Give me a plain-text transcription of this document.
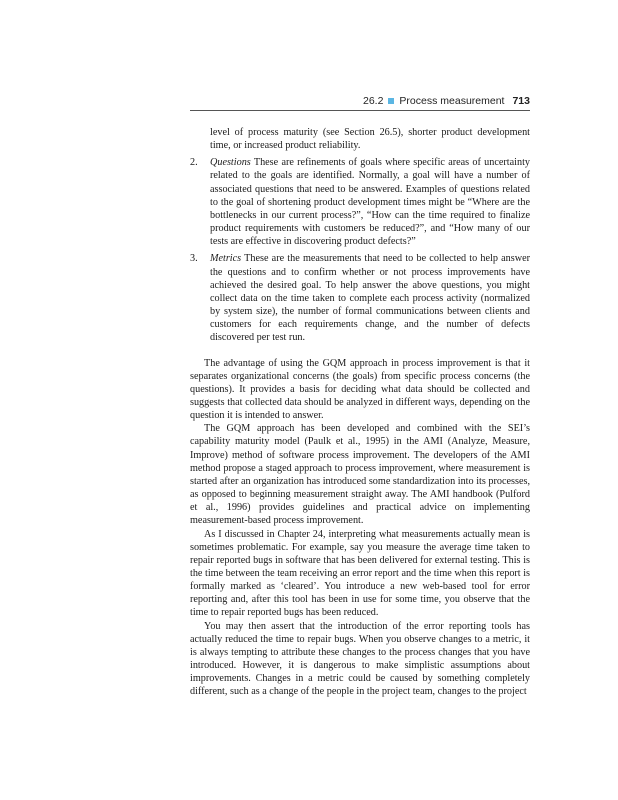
26.2 Process measurement 713

level of process maturity (see Section 26.5), shorter product development time, or increased product reliability.

2. Questions These are refinements of goals where specific areas of uncertainty related to the goals are identified. Normally, a goal will have a number of associated questions that need to be answered. Examples of questions related to the goal of shortening product development times might be “Where are the bottlenecks in our current process?”, “How can the time required to finalize product requirements with customers be reduced?”, and “How many of our tests are effective in discovering product defects?”
3. Metrics These are the measurements that need to be collected to help answer the questions and to confirm whether or not process improvements have achieved the desired goal. To help answer the above questions, you might collect data on the time taken to complete each process activity (normalized by system size), the number of formal communications between clients and customers for each requirements change, and the number of defects discovered per test run.

The advantage of using the GQM approach in process improvement is that it separates organizational concerns (the goals) from specific process concerns (the questions). It provides a basis for deciding what data should be collected and suggests that collected data should be analyzed in different ways, depending on the question it is intended to answer.

The GQM approach has been developed and combined with the SEI’s capability maturity model (Paulk et al., 1995) in the AMI (Analyze, Measure, Improve) method of software process improvement. The developers of the AMI method propose a staged approach to process improvement, where measurement is started after an organization has introduced some standardization into its processes, as opposed to beginning measurement straight away. The AMI handbook (Pulford et al., 1996) provides guidelines and practical advice on implementing measurement-based process improvement.

As I discussed in Chapter 24, interpreting what measurements actually mean is sometimes problematic. For example, say you measure the average time taken to repair reported bugs in software that has been delivered for external testing. This is the time between the team receiving an error report and the time when this report is formally marked as ‘cleared’. You introduce a new web-based tool for error reporting and, after this tool has been in use for some time, you observe that the time to repair reported bugs has been reduced.

You may then assert that the introduction of the error reporting tools has actually reduced the time to repair bugs. When you observe changes to a metric, it is always tempting to attribute these changes to the process changes that you have introduced. However, it is dangerous to make simplistic assumptions about improvements. Changes in a metric could be caused by something completely different, such as a change of the people in the project team, changes to the project
